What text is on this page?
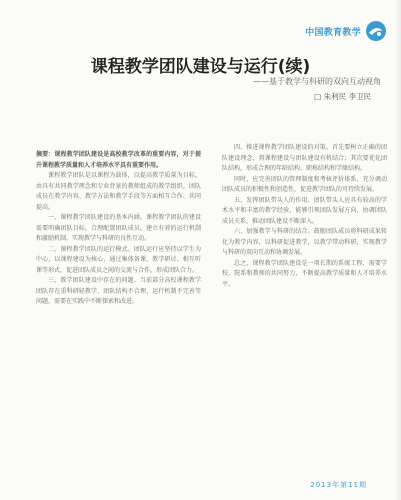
中国教育教学
课程教学团队建设与运行(续)
——基于教学与科研的双向互动视角
□ 朱利民 李卫民

摘要：课程教学团队建设是高校教学改革的重要内容，对于提升课程教学质量和人才培养水平具有重要作用。

课程教学团队是以课程为载体，以提高教学质量为目标，由具有共同教学理念和专业背景的教师组成的教学组织。团队成员在教学内容、教学方法和教学手段等方面相互合作、共同提高。

一、课程教学团队建设的基本内涵。课程教学团队的建设需要明确团队目标，合理配置团队成员，建立有效的运行机制和激励机制，实现教学与科研的良性互动。

二、课程教学团队的运行模式。团队运行应坚持以学生为中心，以课程建设为核心，通过集体备课、教学研讨、相互听课等形式，促进团队成员之间的交流与合作，形成团队合力。

三、教学团队建设中存在的问题。当前部分高校课程教学团队存在重科研轻教学、团队结构不合理、运行机制不完善等问题，需要在实践中不断探索和改进。

四、推进课程教学团队建设的对策。首先要树立正确的团队建设理念，将课程建设与团队建设有机结合；其次要优化团队结构，形成合理的年龄结构、职称结构和学缘结构。

同时，应完善团队的管理制度和考核评价体系，充分调动团队成员的积极性和创造性，促进教学团队的可持续发展。

五、发挥团队带头人的作用。团队带头人应具有较高的学术水平和丰富的教学经验，能够引领团队发展方向，协调团队成员关系，推动团队建设不断深入。

六、加强教学与科研的结合。鼓励团队成员将科研成果转化为教学内容，以科研促进教学，以教学带动科研，实现教学与科研的双向互动和协调发展。

总之，课程教学团队建设是一项长期的系统工程，需要学校、院系和教师的共同努力，不断提高教学质量和人才培养水平。

2013年第11期
